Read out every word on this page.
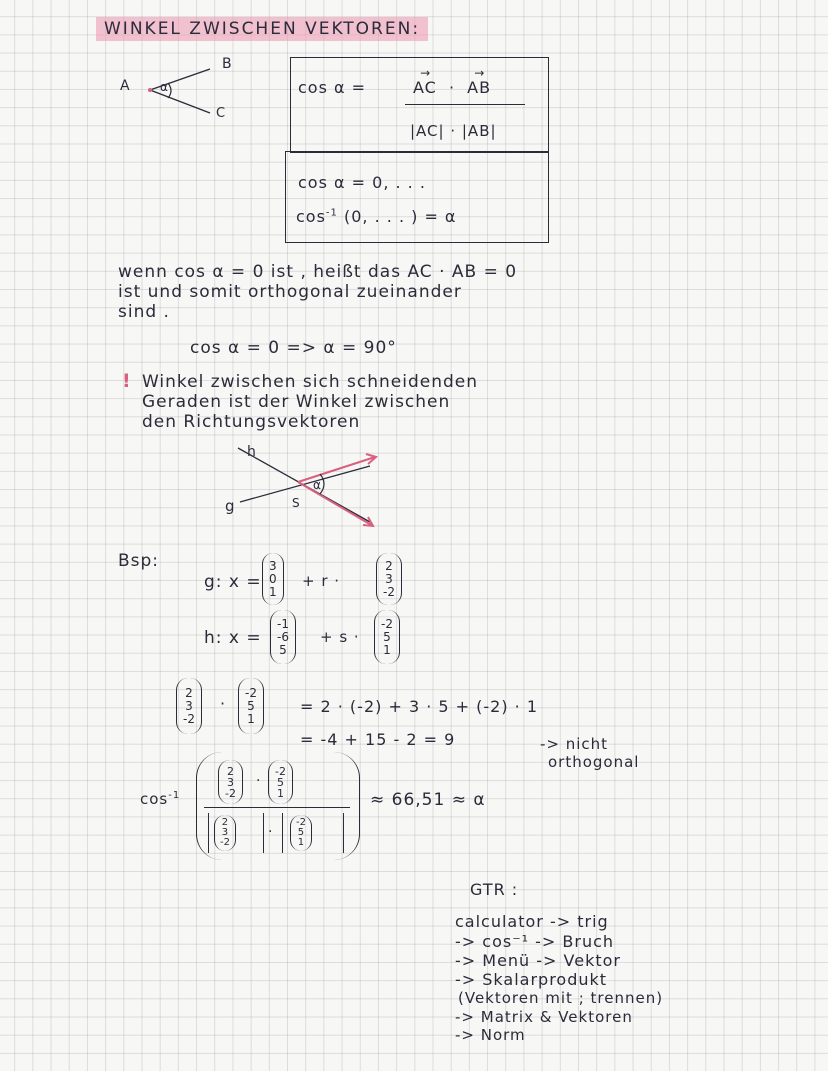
WINKEL ZWISCHEN VEKTOREN:
A
B
C
α	cos α =	→ AC · → AB
|AC| · |AB|
cos α = 0, . . .
$\cos^{-1} (0$, . . . ) = α
wenn cos α = 0 ist , heißt das AC · AB = 0
ist und somit orthogonal zueinander
sind .
cos α = 0 => α = 90°
! Winkel zwischen sich schneidenden
Geraden ist der Winkel zwischen
den Richtungsvektoren
h
g	S
α
Bsp:
g: x =
3
0
1
+ r ·
2
3
-2
h: x =
-1
-6
5
+ s ·
-2
5
1
2
3
-2
·
-2
5
1
= 2 · (-2) + 3 · 5 + (-2) · 1
= -4 + 15 - 2 = 9	-> nicht
orthogonal
$\cos^{-1}$
2
3
-2
·
-2
5
1
2
3
-2
·
-2
5
1
≈ 66,51 ≈ α
GTR :
calculator -> trig
-> cos⁻¹ -> Bruch
-> Menü -> Vektor
-> Skalarprodukt
(Vektoren mit ; trennen)
-> Matrix & Vektoren
-> Norm
